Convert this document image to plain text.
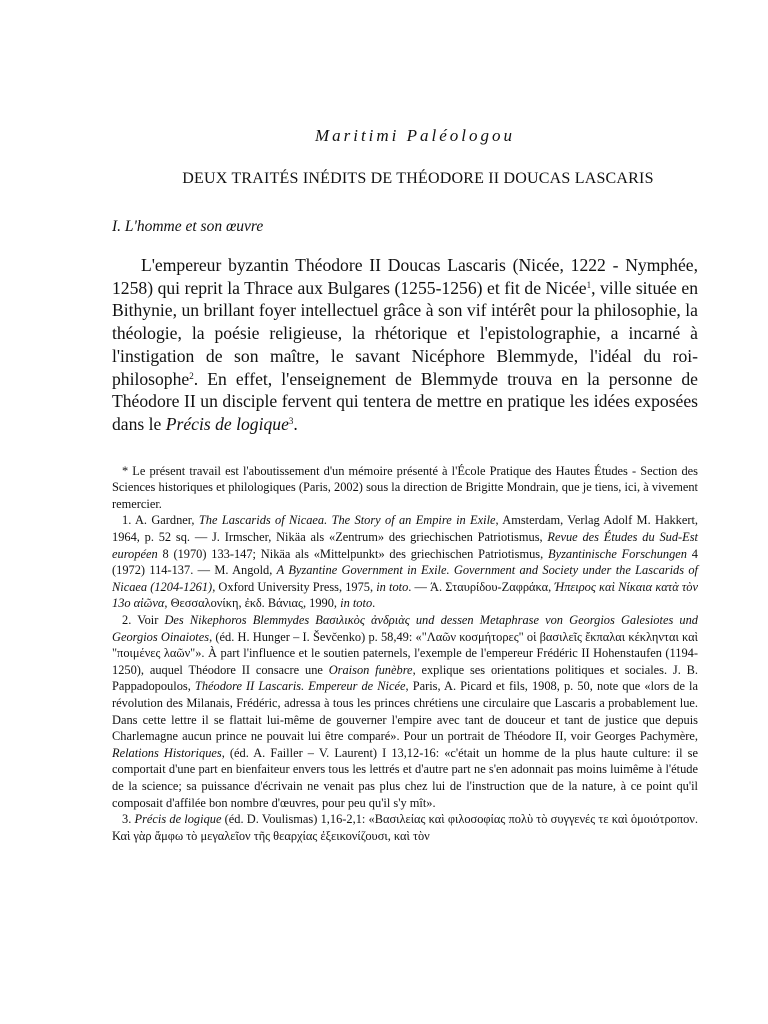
Maritimi Paléologou
DEUX TRAITÉS INÉDITS DE THÉODORE II DOUCAS LASCARIS
I. L'homme et son œuvre

L'empereur byzantin Théodore II Doucas Lascaris (Nicée, 1222 - Nymphée, 1258) qui reprit la Thrace aux Bulgares (1255-1256) et fit de Nicée$^1$, ville située en Bithynie, un brillant foyer intellectuel grâce à son vif intérêt pour la philosophie, la théologie, la poésie religieuse, la rhétorique et l'epistolographie, a incarné à l'instigation de son maître, le savant Nicéphore Blemmyde, l'idéal du roi-philosophe$^2$. En effet, l'enseignement de Blemmyde trouva en la personne de Théodore II un disciple fervent qui tentera de mettre en pratique les idées exposées dans le Précis de logique$^3$.

* Le présent travail est l'aboutissement d'un mémoire présenté à l'École Pratique des Hautes Études - Section des Sciences historiques et philologiques (Paris, 2002) sous la direction de Brigitte Mondrain, que je tiens, ici, à vivement remercier.

1. A. Gardner, The Lascarids of Nicaea. The Story of an Empire in Exile, Amsterdam, Verlag Adolf M. Hakkert, 1964, p. 52 sq. — J. Irmscher, Nikäa als «Zentrum» des griechischen Patriotismus, Revue des Études du Sud-Est européen 8 (1970) 133-147; Nikäa als «Mittelpunkt» des griechischen Patriotismus, Byzantinische Forschungen 4 (1972) 114-137. — M. Angold, A Byzantine Government in Exile. Government and Society under the Lascarids of Nicaea (1204-1261), Oxford University Press, 1975, in toto. — Ά. Σταυρίδου-Ζαφράκα, Ήπειρος καὶ Νίκαια κατὰ τὸν 13ο αἰῶνα, Θεσσαλονίκη, ἐκδ. Βάνιας, 1990, in toto.

2. Voir Des Nikephoros Blemmydes Βασιλικὸς ἀνδριὰς und dessen Metaphrase von Georgios Galesiotes und Georgios Oinaiotes, (éd. H. Hunger – I. Ševčenko) p. 58,49: «"Λαῶν κοσμήτορες" οἱ βασιλεῖς ἔκπαλαι κέκληνται καὶ "ποιμένες λαῶν"». À part l'influence et le soutien paternels, l'exemple de l'empereur Frédéric II Hohenstaufen (1194-1250), auquel Théodore II consacre une Oraison funèbre, explique ses orientations politiques et sociales. J. B. Pappadopoulos, Théodore II Lascaris. Empereur de Nicée, Paris, A. Picard et fils, 1908, p. 50, note que «lors de la révolution des Milanais, Frédéric, adressa à tous les princes chrétiens une circulaire que Lascaris a probablement lue. Dans cette lettre il se flattait lui-même de gouverner l'empire avec tant de douceur et tant de justice que depuis Charlemagne aucun prince ne pouvait lui être comparé». Pour un portrait de Théodore II, voir Georges Pachymère, Relations Historiques, (éd. A. Failler – V. Laurent) I 13,12-16: «c'était un homme de la plus haute culture: il se comportait d'une part en bienfaiteur envers tous les lettrés et d'autre part ne s'en adonnait pas moins luimême à l'étude de la science; sa puissance d'écrivain ne venait pas plus chez lui de l'instruction que de la nature, à ce point qu'il composait d'affilée bon nombre d'œuvres, pour peu qu'il s'y mît».

3. Précis de logique (éd. D. Voulismas) 1,16-2,1: «Βασιλείας καὶ φιλοσοφίας πολὺ τὸ συγγενές τε καὶ ὁμοιότροπον. Καὶ γὰρ ἄμφω τὸ μεγαλεῖον τῆς θεαρχίας ἐξεικονίζουσι, καὶ τὸν
